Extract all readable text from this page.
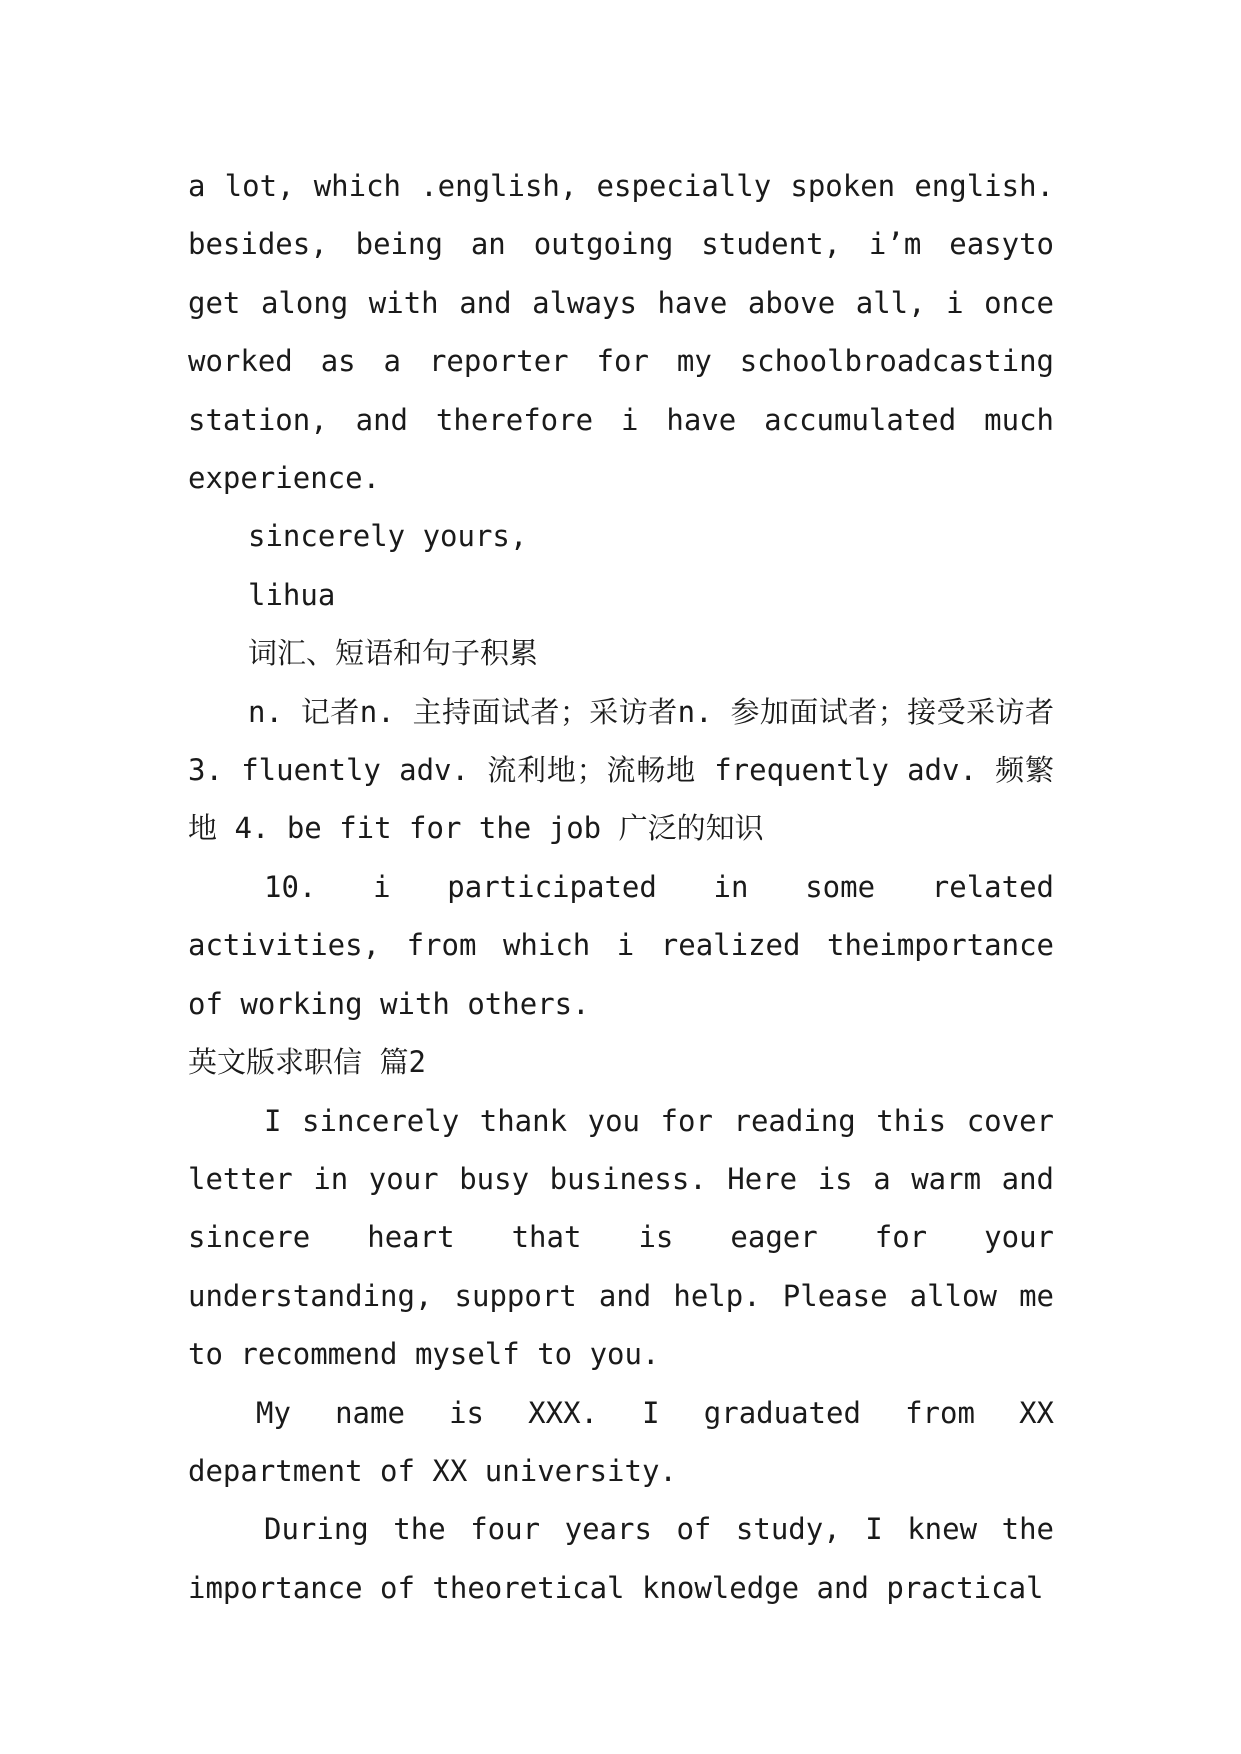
a lot, which .english, especially spoken english. besides, being an outgoing student, i’m easyto get along with and always have above all, i once worked as a reporter for my schoolbroadcasting station, and therefore i have accumulated much experience.

sincerely yours,

lihua

词汇、短语和句子积累

n. 记者n. 主持面试者；采访者n. 参加面试者；接受采访者 3. fluently adv. 流利地；流畅地 frequently adv. 频繁地 4. be fit for the job 广泛的知识

10. i participated in some related activities, from which i realized theimportance of working with others.

英文版求职信 篇2

I sincerely thank you for reading this cover letter in your busy business. Here is a warm and sincere heart that is eager for your understanding, support and help. Please allow me to recommend myself to you.

My name is XXX. I graduated from XX department of XX university.

During the four years of study, I knew the importance of theoretical knowledge and practical
